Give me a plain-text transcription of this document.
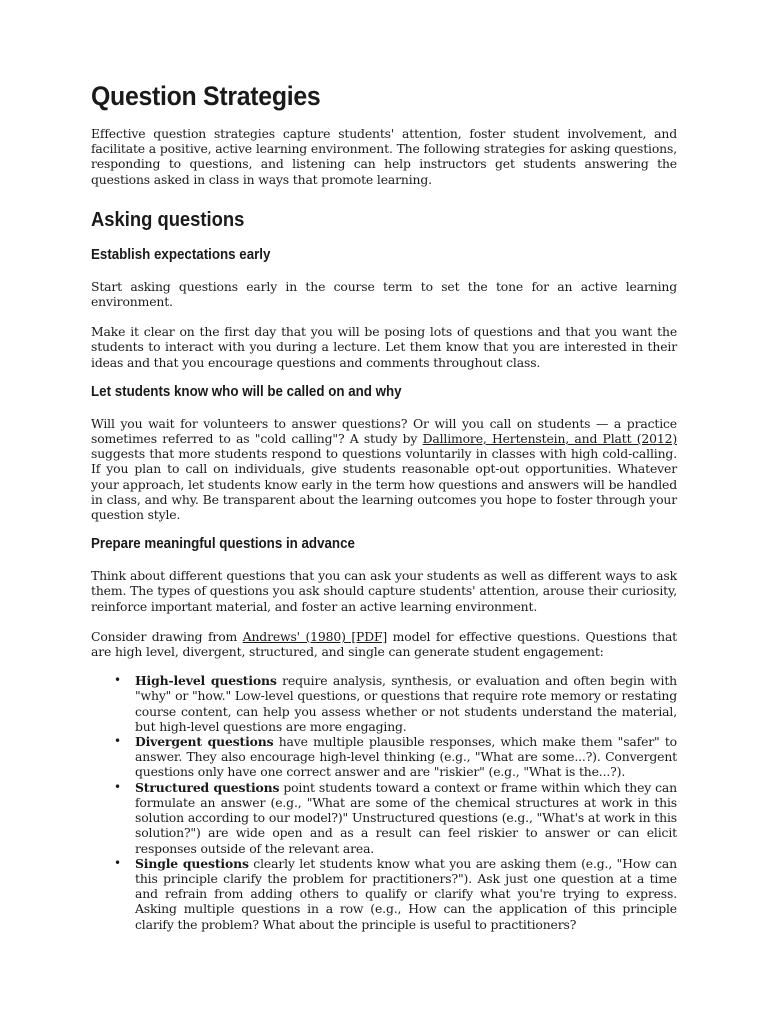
Question Strategies

Effective question strategies capture students' attention, foster student involvement, and facilitate a positive, active learning environment. The following strategies for asking questions, responding to questions, and listening can help instructors get students answering the questions asked in class in ways that promote learning.

Asking questions
Establish expectations early

Start asking questions early in the course term to set the tone for an active learning environment.

Make it clear on the first day that you will be posing lots of questions and that you want the students to interact with you during a lecture. Let them know that you are interested in their ideas and that you encourage questions and comments throughout class.

Let students know who will be called on and why

Will you wait for volunteers to answer questions? Or will you call on students — a practice sometimes referred to as "cold calling"? A study by Dallimore, Hertenstein, and Platt (2012) suggests that more students respond to questions voluntarily in classes with high cold-calling. If you plan to call on individuals, give students reasonable opt-out opportunities. Whatever your approach, let students know early in the term how questions and answers will be handled in class, and why. Be transparent about the learning outcomes you hope to foster through your question style.

Prepare meaningful questions in advance

Think about different questions that you can ask your students as well as different ways to ask them. The types of questions you ask should capture students' attention, arouse their curiosity, reinforce important material, and foster an active learning environment.

Consider drawing from Andrews' (1980) [PDF] model for effective questions. Questions that are high level, divergent, structured, and single can generate student engagement:

• High-level questions require analysis, synthesis, or evaluation and often begin with "why" or "how." Low-level questions, or questions that require rote memory or restating course content, can help you assess whether or not students understand the material, but high-level questions are more engaging.
• Divergent questions have multiple plausible responses, which make them "safer" to answer. They also encourage high-level thinking (e.g., "What are some...?). Convergent questions only have one correct answer and are "riskier" (e.g., "What is the...?).
• Structured questions point students toward a context or frame within which they can formulate an answer (e.g., "What are some of the chemical structures at work in this solution according to our model?)" Unstructured questions (e.g., "What's at work in this solution?") are wide open and as a result can feel riskier to answer or can elicit responses outside of the relevant area.
• Single questions clearly let students know what you are asking them (e.g., "How can this principle clarify the problem for practitioners?"). Ask just one question at a time and refrain from adding others to qualify or clarify what you're trying to express. Asking multiple questions in a row (e.g., How can the application of this principle clarify the problem? What about the principle is useful to practitioners?
